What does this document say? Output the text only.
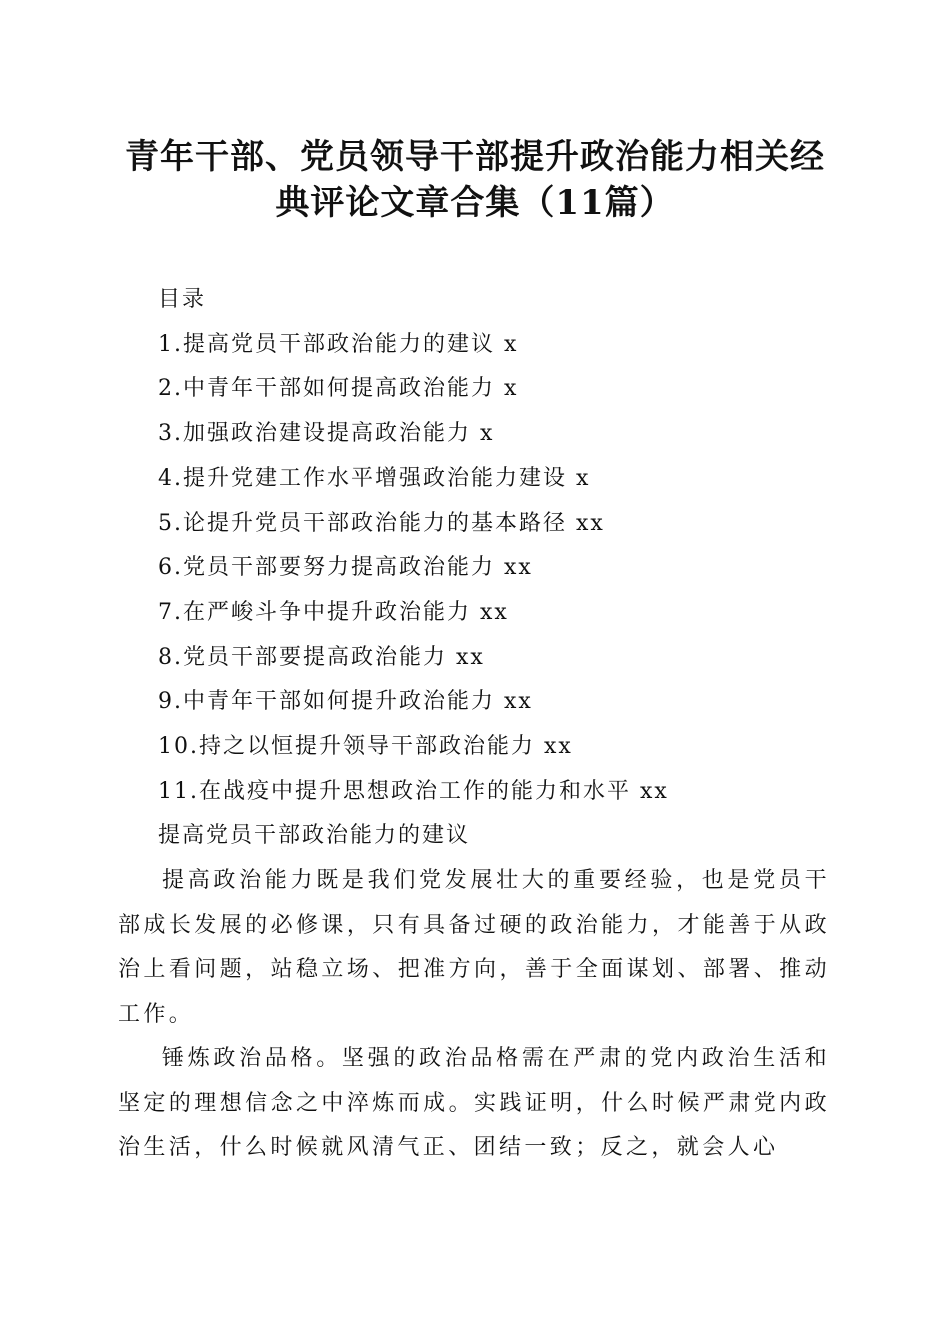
青年干部、党员领导干部提升政治能力相关经
典评论文章合集（11篇）
目录
1.提高党员干部政治能力的建议 x
2.中青年干部如何提高政治能力 x
3.加强政治建设提高政治能力 x
4.提升党建工作水平增强政治能力建设 x
5.论提升党员干部政治能力的基本路径 xx
6.党员干部要努力提高政治能力 xx
7.在严峻斗争中提升政治能力 xx
8.党员干部要提高政治能力 xx
9.中青年干部如何提升政治能力 xx
10.持之以恒提升领导干部政治能力 xx
11.在战疫中提升思想政治工作的能力和水平 xx
提高党员干部政治能力的建议

提高政治能力既是我们党发展壮大的重要经验，也是党员干部成长发展的必修课，只有具备过硬的政治能力，才能善于从政治上看问题，站稳立场、把准方向，善于全面谋划、部署、推动工作。

锤炼政治品格。坚强的政治品格需在严肃的党内政治生活和坚定的理想信念之中淬炼而成。实践证明，什么时候严肃党内政治生活，什么时候就风清气正、团结一致；反之，就会人心
